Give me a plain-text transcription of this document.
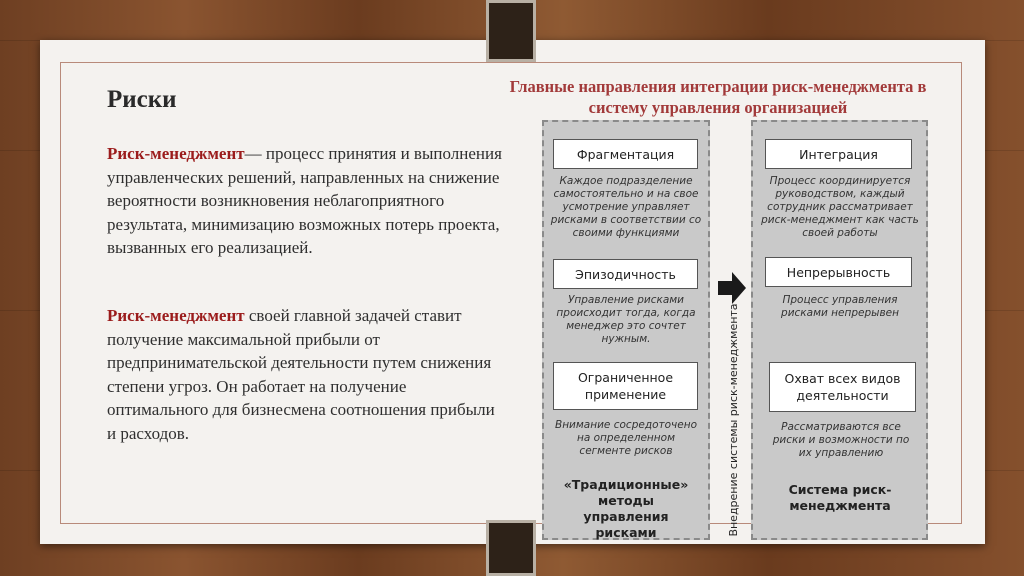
Риски
Риск-менеджмент— процесс принятия и выполнения управленческих решений, направленных на снижение вероятности возникновения неблагоприятного результата, минимизацию возможных потерь проекта, вызванных его реализацией.
Риск-менеджмент своей главной задачей ставит получение максимальной прибыли от предпринимательской деятельности путем снижения степени угроз. Он работает на получение оптимального для бизнесмена соотношения прибыли и расходов.
Главные направления интеграции риск-менеджмента в
систему управления организацией
Фрагментация
Каждое подразделение самостоятельно и на свое усмотрение управляет рисками в соответствии со своими функциями
Эпизодичность
Управление рисками происходит тогда, когда менеджер это сочтет нужным.
Ограниченное применение
Внимание сосредоточено на определенном сегменте рисков
«Традиционные» методы управления рисками	Внедрение системы риск-менеджмента
Интеграция
Процесс координируется руководством, каждый сотрудник рассматривает риск-менеджмент как часть своей работы
Непрерывность
Процесс управления рисками непрерывен
Охват всех видов деятельности
Рассматриваются все риски и возможности по их управлению
Система риск-менеджмента
